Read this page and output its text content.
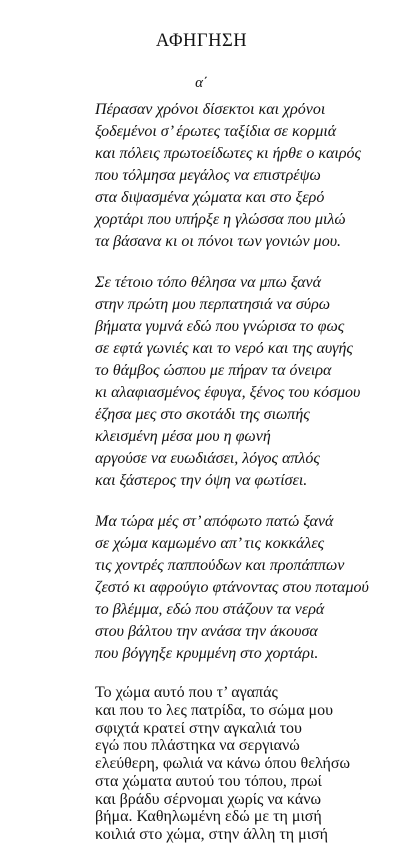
ΑΦΗΓΗΣΗ
α΄
Πέρασαν χρόνοι δίσεκτοι και χρόνοι
ξοδεμένοι σ’ έρωτες ταξίδια σε κορμιά
και πόλεις πρωτοείδωτες κι ήρθε ο καιρός
που τόλμησα μεγάλος να επιστρέψω
στα διψασμένα χώματα και στο ξερό
χορτάρι που υπήρξε η γλώσσα που μιλώ
τα βάσανα κι οι πόνοι των γονιών μου.
Σε τέτοιο τόπο θέλησα να μπω ξανά
στην πρώτη μου περπατησιά να σύρω
βήματα γυμνά εδώ που γνώρισα το φως
σε εφτά γωνιές και το νερό και της αυγής
το θάμβος ώσπου με πήραν τα όνειρα
κι αλαφιασμένος έφυγα, ξένος του κόσμου
έζησα μες στο σκοτάδι της σιωπής
κλεισμένη μέσα μου η φωνή
αργούσε να ευωδιάσει, λόγος απλός
και ξάστερος την όψη να φωτίσει.
Μα τώρα μές στ’ απόφωτο πατώ ξανά
σε χώμα καμωμένο απ’ τις κοκκάλες
τις χοντρές παππούδων και προπάππων
ζεστό κι αφρούγιο φτάνοντας στου ποταμού
το βλέμμα, εδώ που στάζουν τα νερά
στου βάλτου την ανάσα την άκουσα
που βόγγηξε κρυμμένη στο χορτάρι.
Το χώμα αυτό που τ’ αγαπάς
και που το λες πατρίδα, το σώμα μου
σφιχτά κρατεί στην αγκαλιά του
εγώ που πλάστηκα να σεργιανώ
ελεύθερη, φωλιά να κάνω όπου θελήσω
στα χώματα αυτού του τόπου, πρωί
και βράδυ σέρνομαι χωρίς να κάνω
βήμα. Καθηλωμένη εδώ με τη μισή
κοιλιά στο χώμα, στην άλλη τη μισή
